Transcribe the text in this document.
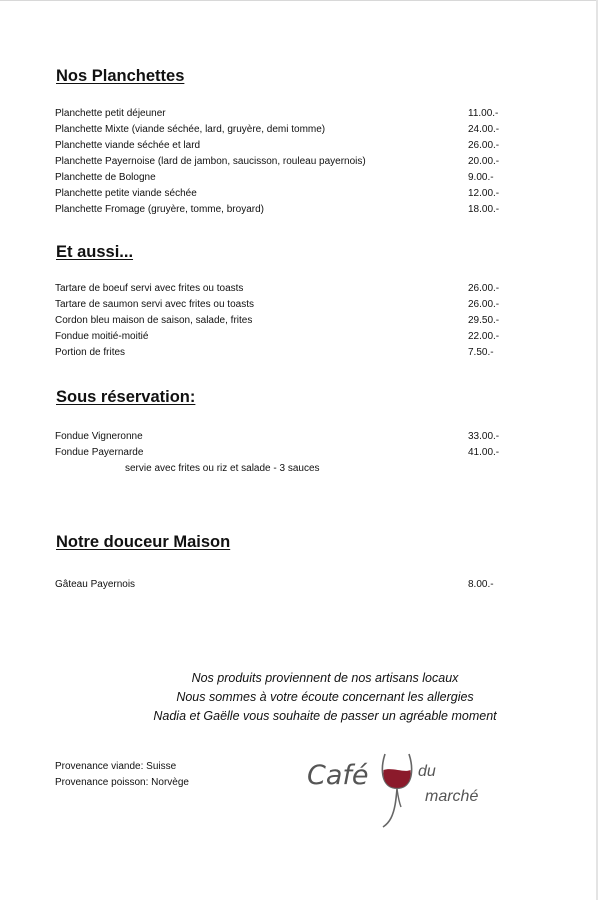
Nos Planchettes
Planchette petit déjeuner	11.00.-
Planchette Mixte (viande séchée, lard, gruyère, demi tomme)	24.00.-
Planchette viande séchée et lard	26.00.-
Planchette Payernoise (lard de jambon, saucisson, rouleau payernois)	20.00.-
Planchette de Bologne	9.00.-
Planchette petite viande séchée	12.00.-
Planchette Fromage (gruyère, tomme, broyard)	18.00.-
Et aussi...
Tartare de boeuf servi avec frites ou toasts	26.00.-
Tartare de saumon servi avec frites ou toasts	26.00.-
Cordon bleu maison de saison, salade, frites	29.50.-
Fondue moitié-moitié	22.00.-
Portion de frites	7.50.-
Sous réservation:
Fondue Vigneronne	33.00.-
Fondue Payernarde	41.00.-
servie avec frites ou riz et salade - 3 sauces
Notre douceur Maison
Gâteau Payernois	8.00.-
Nos produits proviennent de nos artisans locaux
Nous sommes à votre écoute concernant les allergies
Nadia et Gaëlle vous souhaite de passer un agréable moment
Provenance viande: Suisse
Provenance poisson: Norvège	Café	du
marché
